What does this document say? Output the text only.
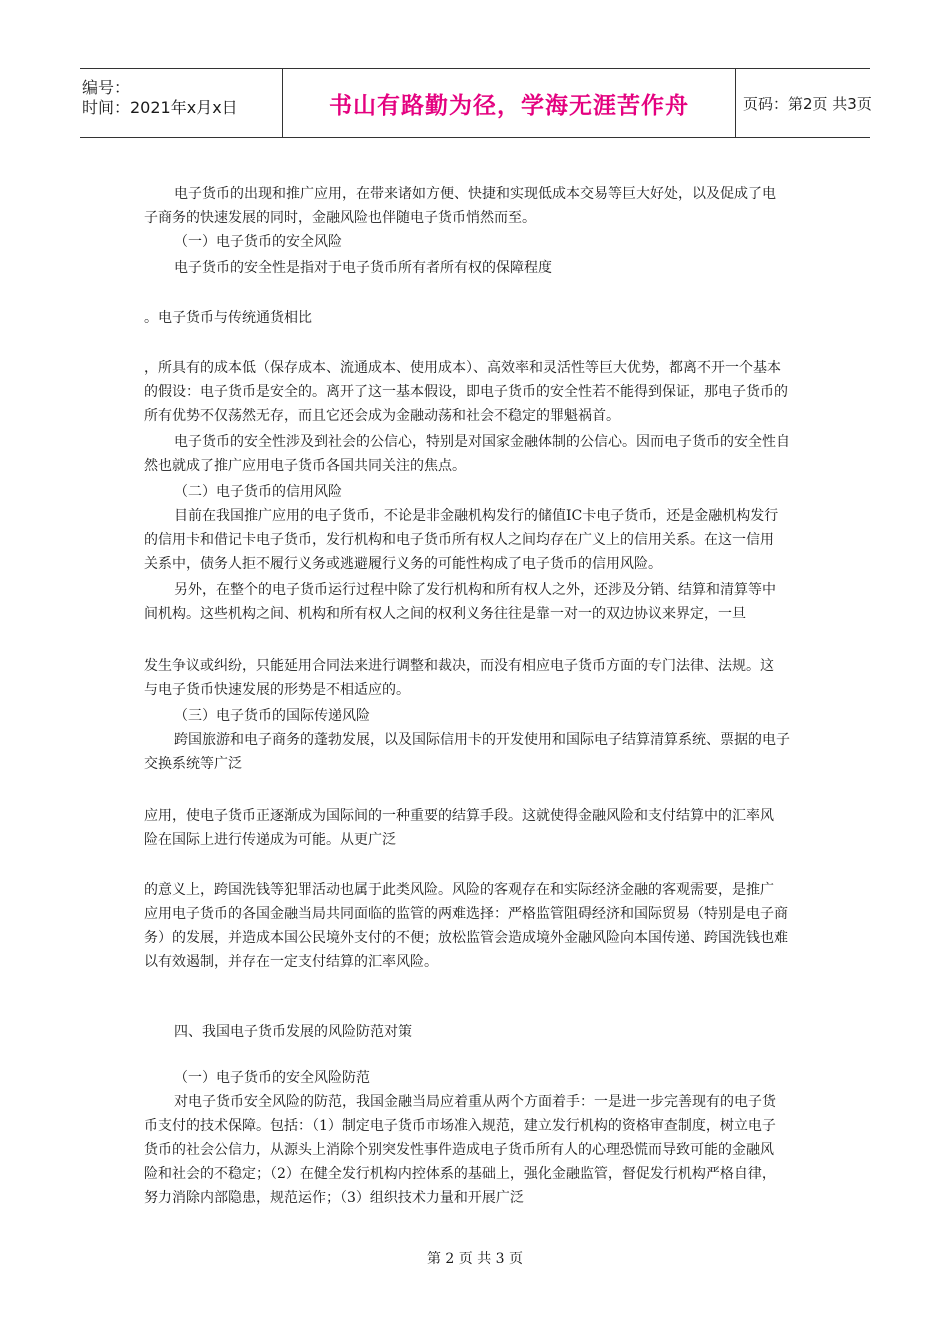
编号：
时间：2021年x月x日	书山有路勤为径，学海无涯苦作舟	页码：第2页 共3页
电子货币的出现和推广应用，在带来诸如方便、快捷和实现低成本交易等巨大好处，以及促成了电
子商务的快速发展的同时，金融风险也伴随电子货币悄然而至。
（一）电子货币的安全风险
电子货币的安全性是指对于电子货币所有者所有权的保障程度
。电子货币与传统通货相比
，所具有的成本低（保存成本、流通成本、使用成本）、高效率和灵活性等巨大优势，都离不开一个基本
的假设：电子货币是安全的。离开了这一基本假设，即电子货币的安全性若不能得到保证，那电子货币的
所有优势不仅荡然无存，而且它还会成为金融动荡和社会不稳定的罪魁祸首。
电子货币的安全性涉及到社会的公信心，特别是对国家金融体制的公信心。因而电子货币的安全性自
然也就成了推广应用电子货币各国共同关注的焦点。
（二）电子货币的信用风险
目前在我国推广应用的电子货币，不论是非金融机构发行的储值IC卡电子货币，还是金融机构发行
的信用卡和借记卡电子货币，发行机构和电子货币所有权人之间均存在广义上的信用关系。在这一信用
关系中，债务人拒不履行义务或逃避履行义务的可能性构成了电子货币的信用风险。
另外，在整个的电子货币运行过程中除了发行机构和所有权人之外，还涉及分销、结算和清算等中
间机构。这些机构之间、机构和所有权人之间的权利义务往往是靠一对一的双边协议来界定，一旦
发生争议或纠纷，只能延用合同法来进行调整和裁决，而没有相应电子货币方面的专门法律、法规。这
与电子货币快速发展的形势是不相适应的。
（三）电子货币的国际传递风险
跨国旅游和电子商务的蓬勃发展，以及国际信用卡的开发使用和国际电子结算清算系统、票据的电子
交换系统等广泛
应用，使电子货币正逐渐成为国际间的一种重要的结算手段。这就使得金融风险和支付结算中的汇率风
险在国际上进行传递成为可能。从更广泛
的意义上，跨国洗钱等犯罪活动也属于此类风险。风险的客观存在和实际经济金融的客观需要，是推广
应用电子货币的各国金融当局共同面临的监管的两难选择：严格监管阻碍经济和国际贸易（特别是电子商
务）的发展，并造成本国公民境外支付的不便；放松监管会造成境外金融风险向本国传递、跨国洗钱也难
以有效遏制，并存在一定支付结算的汇率风险。
四、我国电子货币发展的风险防范对策
（一）电子货币的安全风险防范
对电子货币安全风险的防范，我国金融当局应着重从两个方面着手：一是进一步完善现有的电子货
币支付的技术保障。包括：（1）制定电子货币市场准入规范，建立发行机构的资格审查制度，树立电子
货币的社会公信力，从源头上消除个别突发性事件造成电子货币所有人的心理恐慌而导致可能的金融风
险和社会的不稳定；（2）在健全发行机构内控体系的基础上，强化金融监管，督促发行机构严格自律，
努力消除内部隐患，规范运作；（3）组织技术力量和开展广泛
第 2 页 共 3 页
